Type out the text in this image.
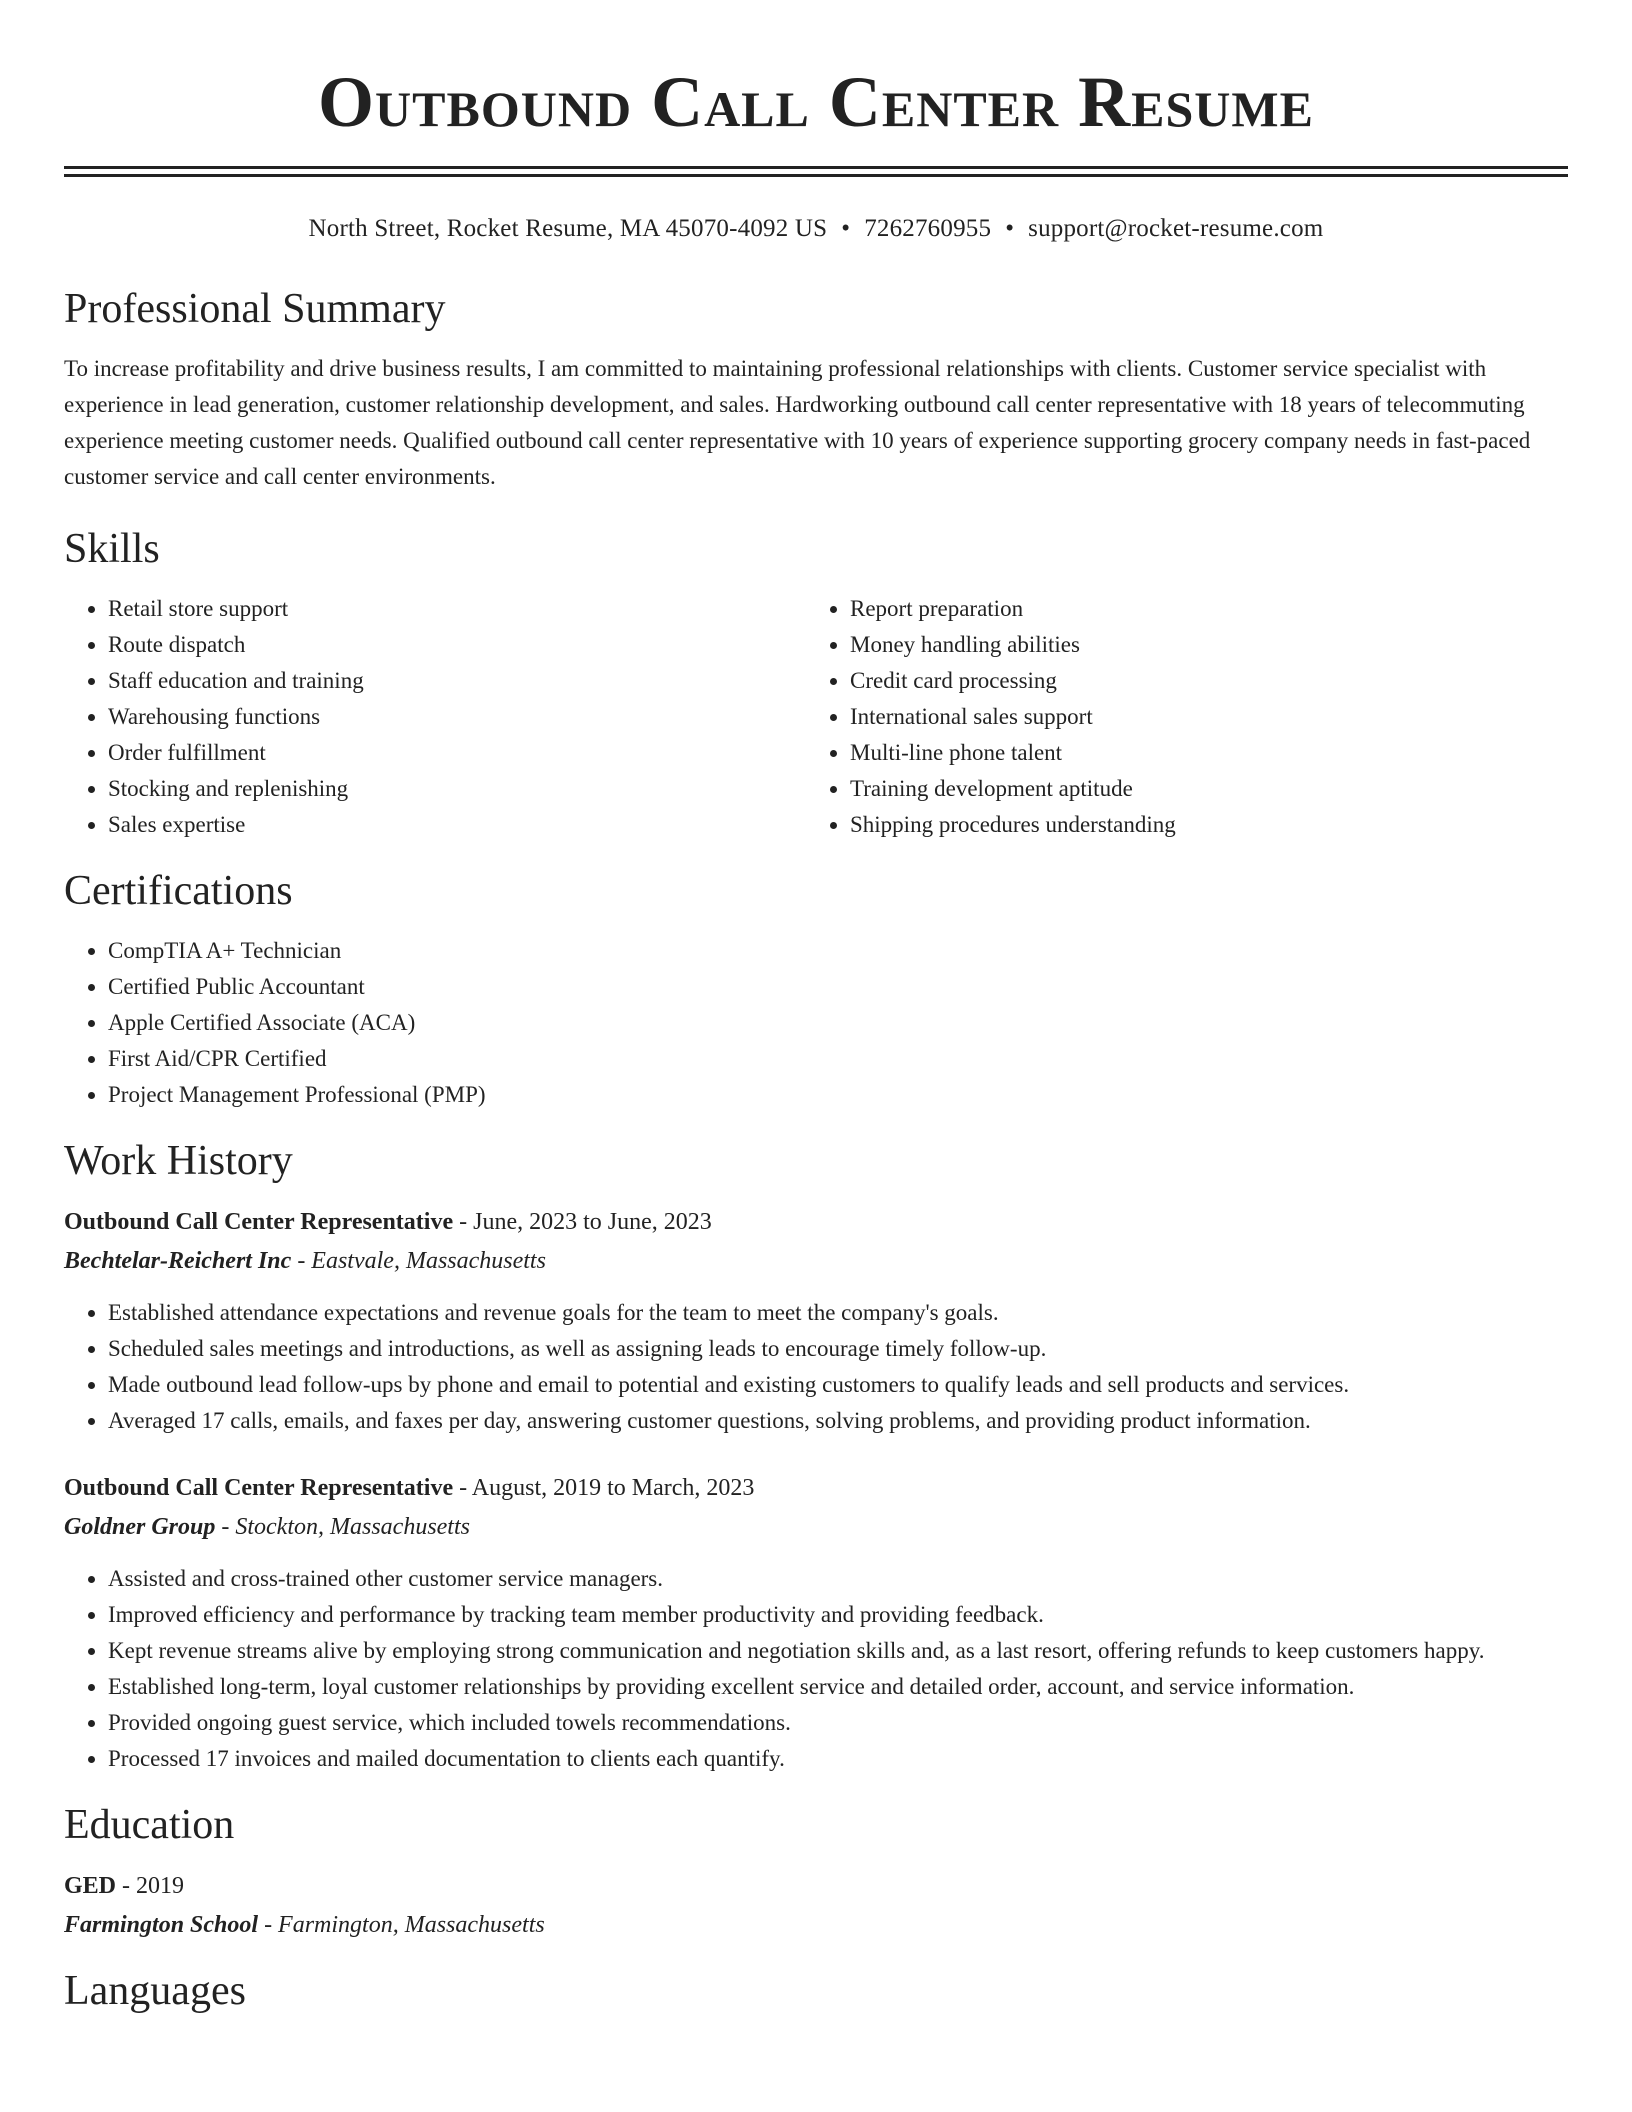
Outbound Call Center Resume
North Street, Rocket Resume, MA 45070-4092 US • 7262760955 • support@rocket-resume.com
Professional Summary

To increase profitability and drive business results, I am committed to maintaining professional relationships with clients. Customer service specialist with experience in lead generation, customer relationship development, and sales. Hardworking outbound call center representative with 18 years of telecommuting experience meeting customer needs. Qualified outbound call center representative with 10 years of experience supporting grocery company needs in fast-paced customer service and call center environments.

Skills
• Retail store support
• Route dispatch
• Staff education and training
• Warehousing functions
• Order fulfillment
• Stocking and replenishing
• Sales expertise
• Report preparation
• Money handling abilities
• Credit card processing
• International sales support
• Multi-line phone talent
• Training development aptitude
• Shipping procedures understanding
Certifications
• CompTIA A+ Technician
• Certified Public Accountant
• Apple Certified Associate (ACA)
• First Aid/CPR Certified
• Project Management Professional (PMP)
Work History
Outbound Call Center Representative - June, 2023 to June, 2023
Bechtelar-Reichert Inc - Eastvale, Massachusetts
• Established attendance expectations and revenue goals for the team to meet the company's goals.
• Scheduled sales meetings and introductions, as well as assigning leads to encourage timely follow-up.
• Made outbound lead follow-ups by phone and email to potential and existing customers to qualify leads and sell products and services.
• Averaged 17 calls, emails, and faxes per day, answering customer questions, solving problems, and providing product information.
Outbound Call Center Representative - August, 2019 to March, 2023
Goldner Group - Stockton, Massachusetts
• Assisted and cross-trained other customer service managers.
• Improved efficiency and performance by tracking team member productivity and providing feedback.
• Kept revenue streams alive by employing strong communication and negotiation skills and, as a last resort, offering refunds to keep customers happy.
• Established long-term, loyal customer relationships by providing excellent service and detailed order, account, and service information.
• Provided ongoing guest service, which included towels recommendations.
• Processed 17 invoices and mailed documentation to clients each quantify.
Education
GED - 2019
Farmington School - Farmington, Massachusetts
Languages
